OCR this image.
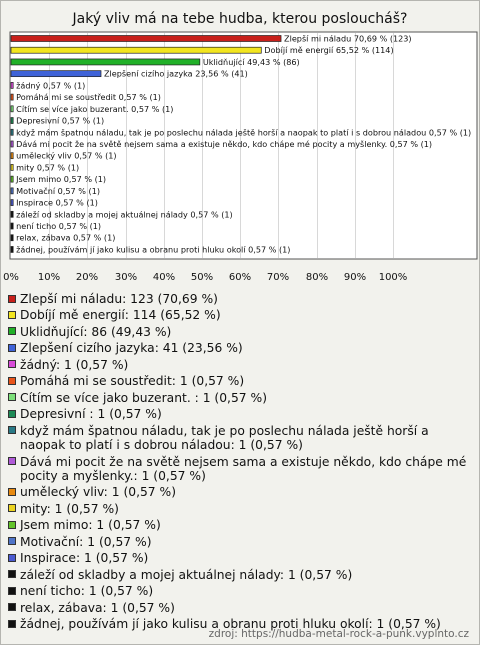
Jaký vliv má na tebe hudba, kterou posloucháš?
0% 10% 20% 30% 40% 50% 60% 70% 80% 90% 100%
Zlepší mi náladu 70,69 % (123)
Dobíjí mě energií 65,52 % (114)
Uklidňující 49,43 % (86)
Zlepšení cizího jazyka 23,56 % (41)
žádný 0,57 % (1)
Pomáhá mi se soustředit 0,57 % (1)
Cítím se více jako buzerant. 0,57 % (1)
Depresivní 0,57 % (1)
když mám špatnou náladu, tak je po poslechu nálada ještě horší a naopak to platí i s dobrou náladou 0,57 % (1)
Dává mi pocit že na světě nejsem sama a existuje někdo, kdo chápe mé pocity a myšlenky. 0,57 % (1)
umělecký vliv 0,57 % (1)
mity 0,57 % (1)
Jsem mimo 0,57 % (1)
Motivační 0,57 % (1)
Inspirace 0,57 % (1)
záleží od skladby a mojej aktuálnej nálady 0,57 % (1)
není ticho 0,57 % (1)
relax, zábava 0,57 % (1)
žádnej, používám jí jako kulisu a obranu proti hluku okolí 0,57 % (1)
Zlepší mi náladu: 123 (70,69 %)
Dobíjí mě energií: 114 (65,52 %)
Uklidňující: 86 (49,43 %)
Zlepšení cizího jazyka: 41 (23,56 %)
žádný: 1 (0,57 %)
Pomáhá mi se soustředit: 1 (0,57 %)
Cítím se více jako buzerant. : 1 (0,57 %)
Depresivní : 1 (0,57 %)
když mám špatnou náladu, tak je po poslechu nálada ještě horší a naopak to platí i s dobrou náladou: 1 (0,57 %)
Dává mi pocit že na světě nejsem sama a existuje někdo, kdo chápe mé pocity a myšlenky.: 1 (0,57 %)
umělecký vliv: 1 (0,57 %)
mity: 1 (0,57 %)
Jsem mimo: 1 (0,57 %)
Motivační: 1 (0,57 %)
Inspirace: 1 (0,57 %)
záleží od skladby a mojej aktuálnej nálady: 1 (0,57 %)
není ticho: 1 (0,57 %)
relax, zábava: 1 (0,57 %)
žádnej, používám jí jako kulisu a obranu proti hluku okolí: 1 (0,57 %)
zdroj: https://hudba-metal-rock-a-punk.vyplnto.cz
